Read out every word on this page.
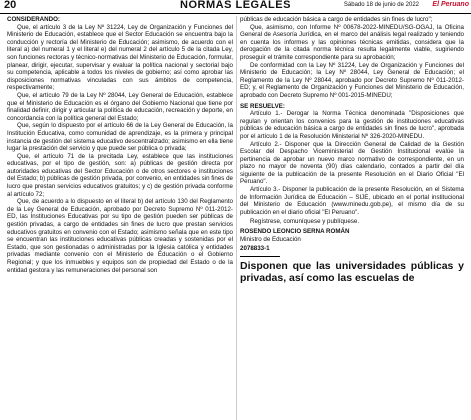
20	NORMAS LEGALES	Sábado 18 de junio de 2022 El Peruano

CONSIDERANDO:

Que, el artículo 3 de la Ley Nº 31224, Ley de Organización y Funciones del Ministerio de Educación, establece que el Sector Educación se encuentra bajo la conducción y rectoría del Ministerio de Educación; asimismo, de acuerdo con el literal a) del numeral 1 y el literal e) del numeral 2 del artículo 5 de la citada Ley, son funciones rectoras y técnico-normativas del Ministerio de Educación, formular, planear, dirigir, ejecutar, supervisar y evaluar la política nacional y sectorial bajo su competencia, aplicable a todos los niveles de gobierno; así como aprobar las disposiciones normativas vinculadas con sus ámbitos de competencia, respectivamente;

Que, el artículo 79 de la Ley Nº 28044, Ley General de Educación, establece que el Ministerio de Educación es el órgano del Gobierno Nacional que tiene por finalidad definir, dirigir y articular la política de educación, recreación y deporte, en concordancia con la política general del Estado;

Que, según lo dispuesto por el artículo 66 de la Ley General de Educación, la Institución Educativa, como comunidad de aprendizaje, es la primera y principal instancia de gestión del sistema educativo descentralizado; asimismo en ella tiene lugar la prestación del servicio y que puede ser pública o privada;

Que, el artículo 71 de la precitada Ley, establece que las instituciones educativas, por el tipo de gestión, son: a) públicas de gestión directa por autoridades educativas del Sector Educación o de otros sectores e instituciones del Estado; b) públicas de gestión privada, por convenio, en entidades sin fines de lucro que prestan servicios educativos gratuitos; y c) de gestión privada conforme al artículo 72;

Que, de acuerdo a lo dispuesto en el literal b) del artículo 130 del Reglamento de la Ley General de Educación, aprobado por Decreto Supremo Nº 011-2012-ED, las Instituciones Educativas por su tipo de gestión pueden ser públicas de gestión privadas, a cargo de entidades sin fines de lucro que prestan servicios educativos gratuitos en convenio con el Estado; asimismo señala que en este tipo se encuentran las instituciones educativas públicas creadas y sostenidas por el Estado, que son gestionadas o administradas por la Iglesia católica y entidades privadas mediante convenio con el Ministerio de Educación o el Gobierno Regional; y que los inmuebles y equipos son de propiedad del Estado o de la entidad gestora y las remuneraciones del personal son

públicas de educación básica a cargo de entidades sin fines de lucro";

Que, asimismo, con Informe Nº 00678-2022-MINEDU/SG-OGAJ, la Oficina General de Asesoría Jurídica, en el marco del análisis legal realizado y teniendo en cuenta los informes y las opiniones técnicas emitidas, considera que la derogación de la citada norma técnica resulta legalmente viable, sugiriendo proseguir el trámite correspondiente para su aprobación;

De conformidad con la Ley Nº 31224, Ley de Organización y Funciones del Ministerio de Educación; la Ley Nº 28044, Ley General de Educación; el Reglamento de la Ley Nº 28044, aprobado por Decreto Supremo Nº 011-2012-ED; y, el Reglamento de Organización y Funciones del Ministerio de Educación, aprobado con Decreto Supremo Nº 001-2015-MINEDU;

SE RESUELVE:

Artículo 1.- Derogar la Norma Técnica denominada "Disposiciones que regulan y orientan los convenios para la gestión de instituciones educativas públicas de educación básica a cargo de entidades sin fines de lucro", aprobada por el artículo 1 de la Resolución Ministerial Nº 326-2020-MINEDU.

Artículo 2.- Disponer que la Dirección General de Calidad de la Gestión Escolar del Despacho Viceministerial de Gestión Institucional evalúe la pertinencia de aprobar un nuevo marco normativo de correspondiente, en un plazo no mayor de noventa (90) días calendario, contados a partir del día siguiente de la publicación de la presente Resolución en el Diario Oficial "El Peruano".

Artículo 3.- Disponer la publicación de la presente Resolución, en el Sistema de Información Jurídica de Educación – SIJE, ubicado en el portal institucional del Ministerio de Educación (www.minedu.gob.pe), el mismo día de su publicación en el diario oficial "El Peruano".

Regístrese, comuníquese y publíquese.

ROSENDO LEONCIO SERNA ROMÁN

Ministro de Educación

2078833-1

Disponen que las universidades públicas y privadas, así como las escuelas de
